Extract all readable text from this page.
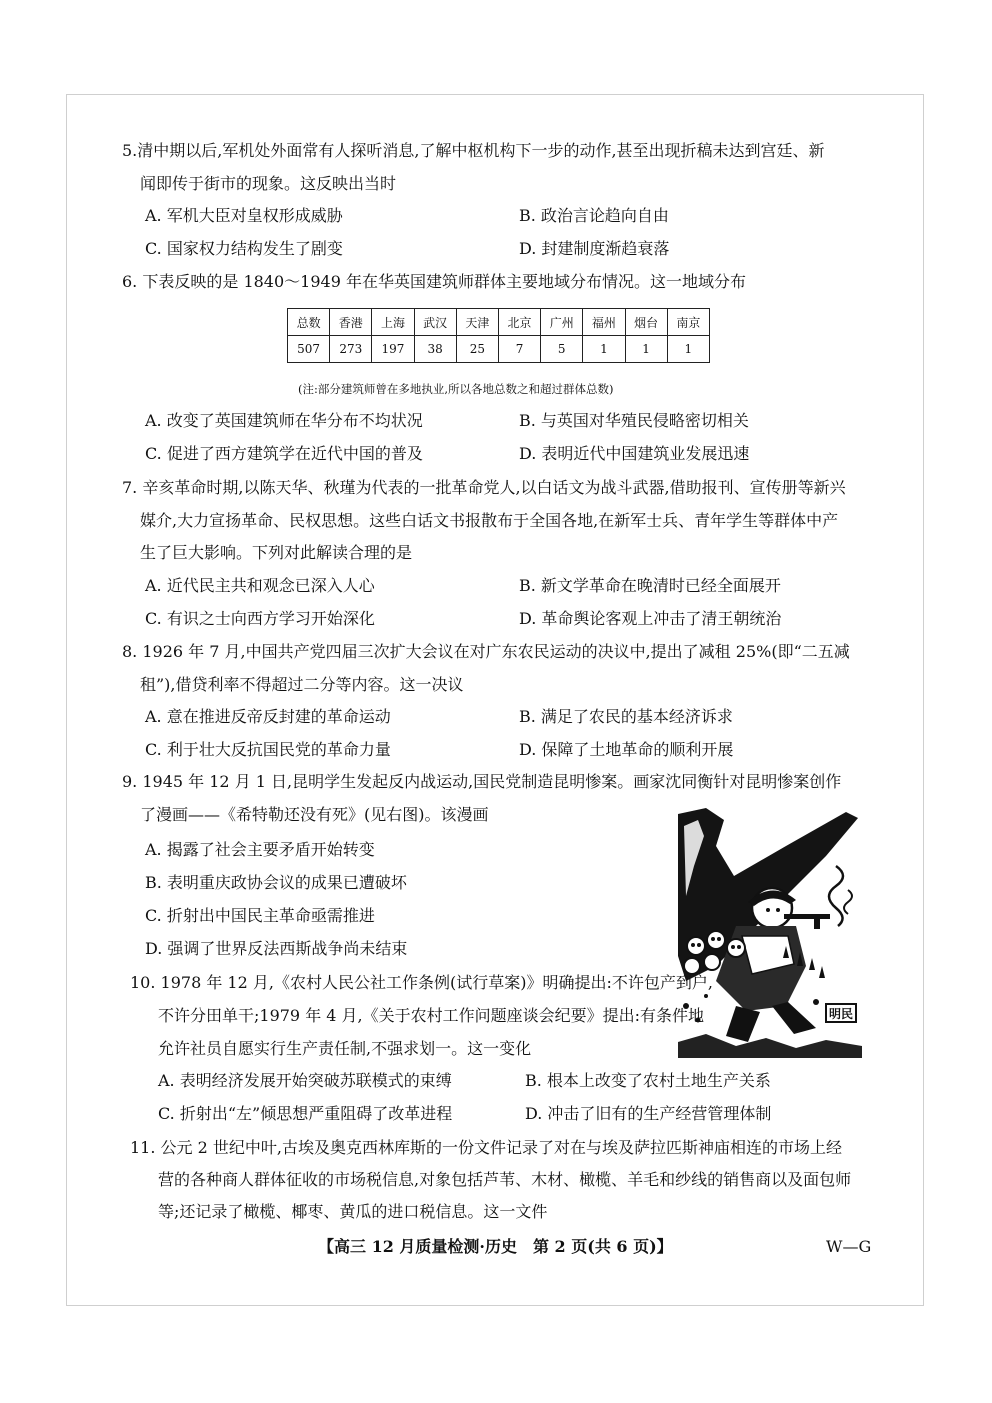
5.清中期以后,军机处外面常有人探听消息,了解中枢机构下一步的动作,甚至出现折稿未达到宫廷、新
闻即传于街市的现象。这反映出当时
A. 军机大臣对皇权形成威胁	B. 政治言论趋向自由
C. 国家权力结构发生了剧变	D. 封建制度渐趋衰落
6. 下表反映的是 1840～1949 年在华英国建筑师群体主要地域分布情况。这一地域分布
总数	香港	上海	武汉	天津	北京	广州	福州	烟台	南京
507	273	197	38	25	7	5	1	1	1
(注:部分建筑师曾在多地执业,所以各地总数之和超过群体总数)
A. 改变了英国建筑师在华分布不均状况	B. 与英国对华殖民侵略密切相关
C. 促进了西方建筑学在近代中国的普及	D. 表明近代中国建筑业发展迅速
7. 辛亥革命时期,以陈天华、秋瑾为代表的一批革命党人,以白话文为战斗武器,借助报刊、宣传册等新兴
媒介,大力宣扬革命、民权思想。这些白话文书报散布于全国各地,在新军士兵、青年学生等群体中产
生了巨大影响。下列对此解读合理的是
A. 近代民主共和观念已深入人心	B. 新文学革命在晚清时已经全面展开
C. 有识之士向西方学习开始深化	D. 革命舆论客观上冲击了清王朝统治
8. 1926 年 7 月,中国共产党四届三次扩大会议在对广东农民运动的决议中,提出了减租 25%(即“二五减
租”),借贷利率不得超过二分等内容。这一决议
A. 意在推进反帝反封建的革命运动	B. 满足了农民的基本经济诉求
C. 利于壮大反抗国民党的革命力量	D. 保障了土地革命的顺利开展
9. 1945 年 12 月 1 日,昆明学生发起反内战运动,国民党制造昆明惨案。画家沈同衡针对昆明惨案创作
了漫画——《希特勒还没有死》(见右图)。该漫画
A. 揭露了社会主要矛盾开始转变
B. 表明重庆政协会议的成果已遭破坏
C. 折射出中国民主革命亟需推进
D. 强调了世界反法西斯战争尚未结束
明民
10. 1978 年 12 月,《农村人民公社工作条例(试行草案)》明确提出:不许包产到户,
不许分田单干;1979 年 4 月,《关于农村工作问题座谈会纪要》提出:有条件地
允许社员自愿实行生产责任制,不强求划一。这一变化
A. 表明经济发展开始突破苏联模式的束缚	B. 根本上改变了农村土地生产关系
C. 折射出“左”倾思想严重阻碍了改革进程	D. 冲击了旧有的生产经营管理体制
11. 公元 2 世纪中叶,古埃及奥克西林库斯的一份文件记录了对在与埃及萨拉匹斯神庙相连的市场上经
营的各种商人群体征收的市场税信息,对象包括芦苇、木材、橄榄、羊毛和纱线的销售商以及面包师
等;还记录了橄榄、椰枣、黄瓜的进口税信息。这一文件
【高三 12 月质量检测·历史　第 2 页(共 6 页)】	W—G
